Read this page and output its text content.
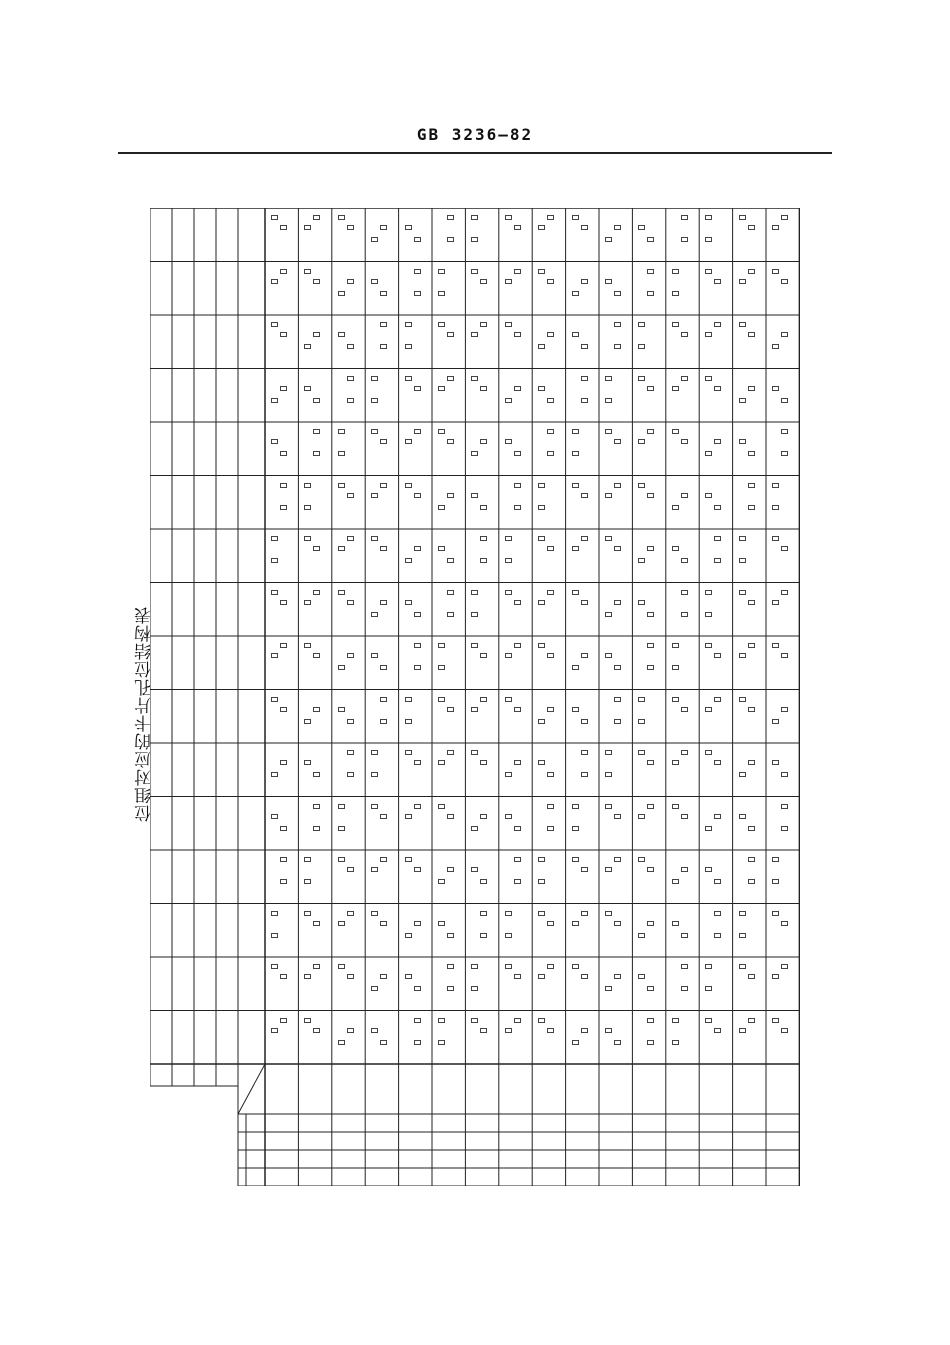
GB 3236—82
位组对应的卡片孔位结构表
